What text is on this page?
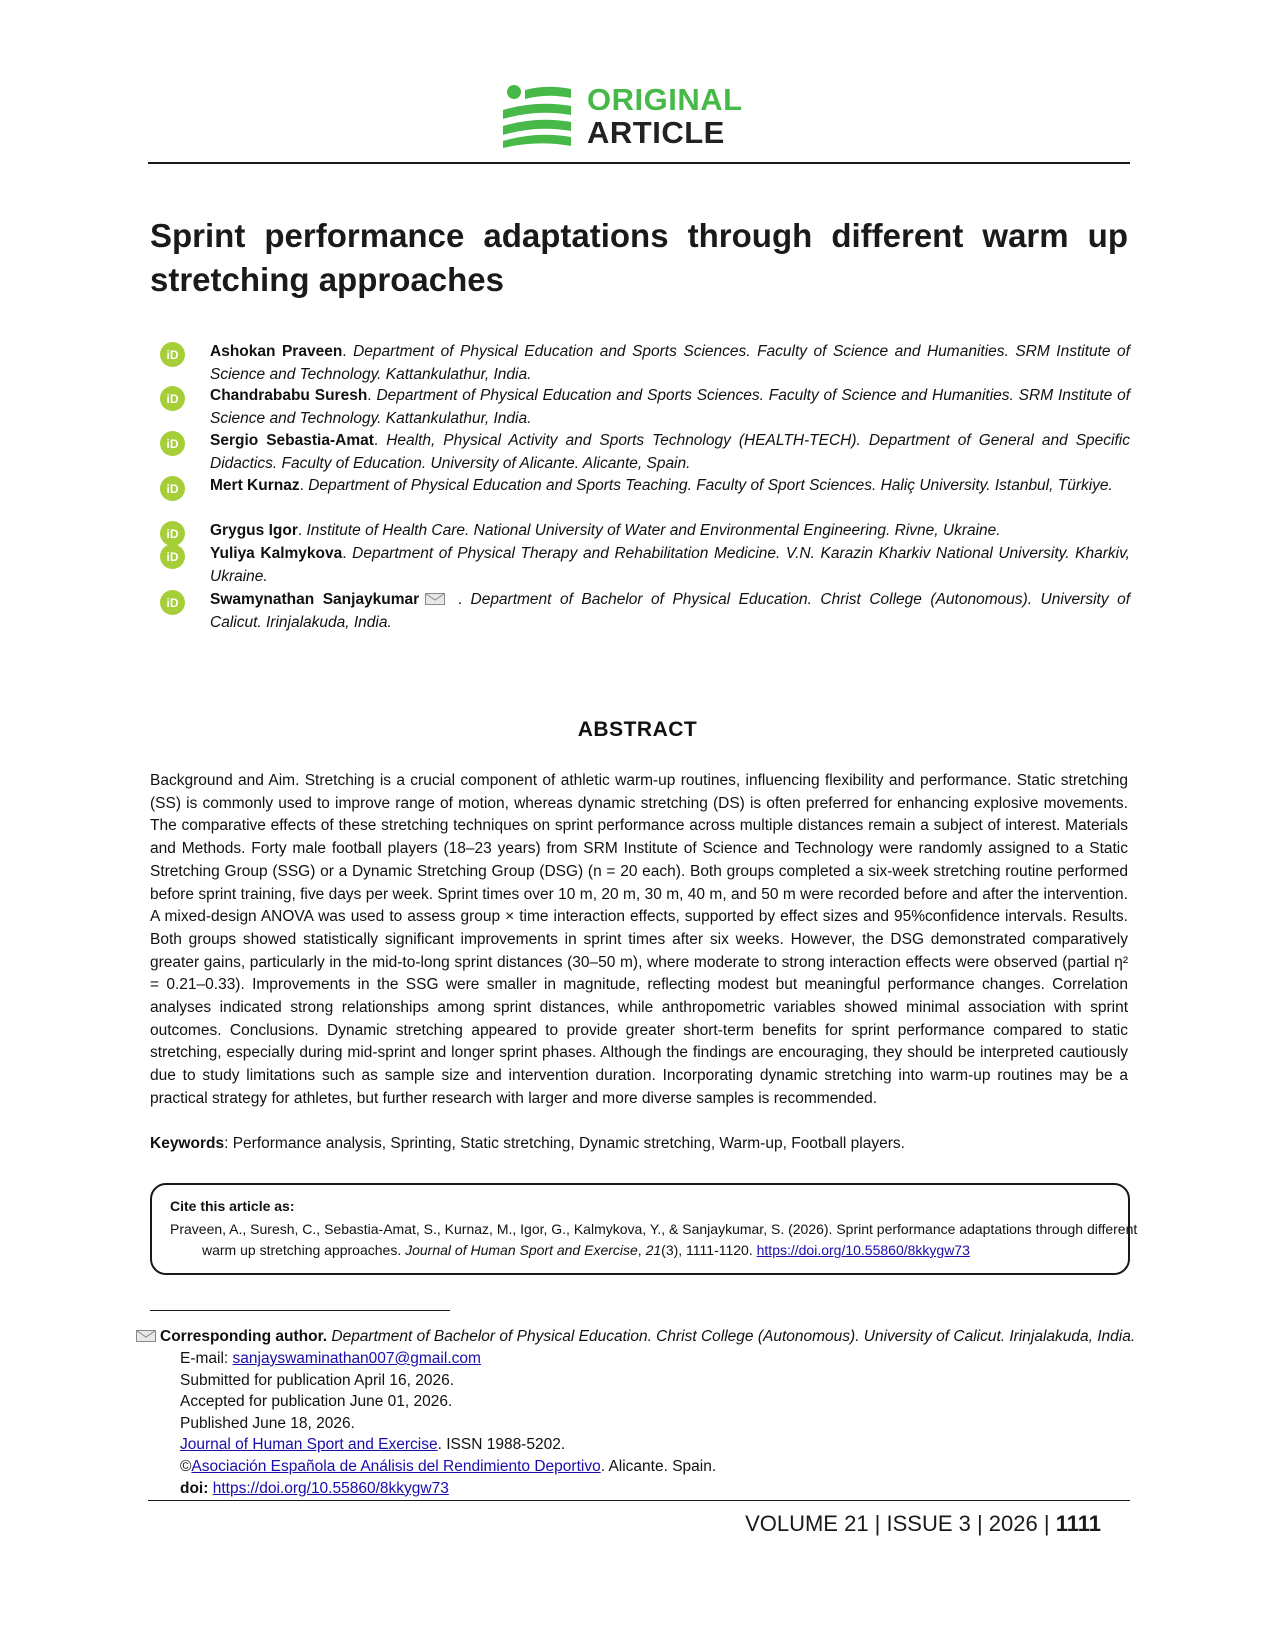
ORIGINAL
ARTICLE
Sprint performance adaptations through different warm up stretching approaches
iD	Ashokan Praveen. Department of Physical Education and Sports Sciences. Faculty of Science and Humanities. SRM Institute of Science and Technology. Kattankulathur, India.
iD	Chandrababu Suresh. Department of Physical Education and Sports Sciences. Faculty of Science and Humanities. SRM Institute of Science and Technology. Kattankulathur, India.
iD	Sergio Sebastia-Amat. Health, Physical Activity and Sports Technology (HEALTH-TECH). Department of General and Specific Didactics. Faculty of Education. University of Alicante. Alicante, Spain.
iD	Mert Kurnaz. Department of Physical Education and Sports Teaching. Faculty of Sport Sciences. Haliç University. Istanbul, Türkiye.
iD	Grygus Igor. Institute of Health Care. National University of Water and Environmental Engineering. Rivne, Ukraine.
iD	Yuliya Kalmykova. Department of Physical Therapy and Rehabilitation Medicine. V.N. Karazin Kharkiv National University. Kharkiv, Ukraine.
iD	Swamynathan Sanjaykumar . Department of Bachelor of Physical Education. Christ College (Autonomous). University of Calicut. Irinjalakuda, India.
ABSTRACT
Background and Aim. Stretching is a crucial component of athletic warm-up routines, influencing flexibility and performance. Static stretching (SS) is commonly used to improve range of motion, whereas dynamic stretching (DS) is often preferred for enhancing explosive movements. The comparative effects of these stretching techniques on sprint performance across multiple distances remain a subject of interest. Materials and Methods. Forty male football players (18–23 years) from SRM Institute of Science and Technology were randomly assigned to a Static Stretching Group (SSG) or a Dynamic Stretching Group (DSG) (n = 20 each). Both groups completed a six-week stretching routine performed before sprint training, five days per week. Sprint times over 10 m, 20 m, 30 m, 40 m, and 50 m were recorded before and after the intervention. A mixed-design ANOVA was used to assess group × time interaction effects, supported by effect sizes and 95%confidence intervals. Results. Both groups showed statistically significant improvements in sprint times after six weeks. However, the DSG demonstrated comparatively greater gains, particularly in the mid-to-long sprint distances (30–50 m), where moderate to strong interaction effects were observed (partial η² = 0.21–0.33). Improvements in the SSG were smaller in magnitude, reflecting modest but meaningful performance changes. Correlation analyses indicated strong relationships among sprint distances, while anthropometric variables showed minimal association with sprint outcomes. Conclusions. Dynamic stretching appeared to provide greater short-term benefits for sprint performance compared to static stretching, especially during mid-sprint and longer sprint phases. Although the findings are encouraging, they should be interpreted cautiously due to study limitations such as sample size and intervention duration. Incorporating dynamic stretching into warm-up routines may be a practical strategy for athletes, but further research with larger and more diverse samples is recommended.
Keywords: Performance analysis, Sprinting, Static stretching, Dynamic stretching, Warm-up, Football players.
Cite this article as:
Praveen, A., Suresh, C., Sebastia-Amat, S., Kurnaz, M., Igor, G., Kalmykova, Y., & Sanjaykumar, S. (2026). Sprint performance adaptations through different warm up stretching approaches. Journal of Human Sport and Exercise, 21(3), 1111-1120. https://doi.org/10.55860/8kkygw73
Corresponding author. Department of Bachelor of Physical Education. Christ College (Autonomous). University of Calicut. Irinjalakuda, India.
E-mail: sanjayswaminathan007@gmail.com
Submitted for publication April 16, 2026.
Accepted for publication June 01, 2026.
Published June 18, 2026.
Journal of Human Sport and Exercise. ISSN 1988-5202.
©Asociación Española de Análisis del Rendimiento Deportivo. Alicante. Spain.
doi: https://doi.org/10.55860/8kkygw73
VOLUME 21 | ISSUE 3 | 2026 | 1111
